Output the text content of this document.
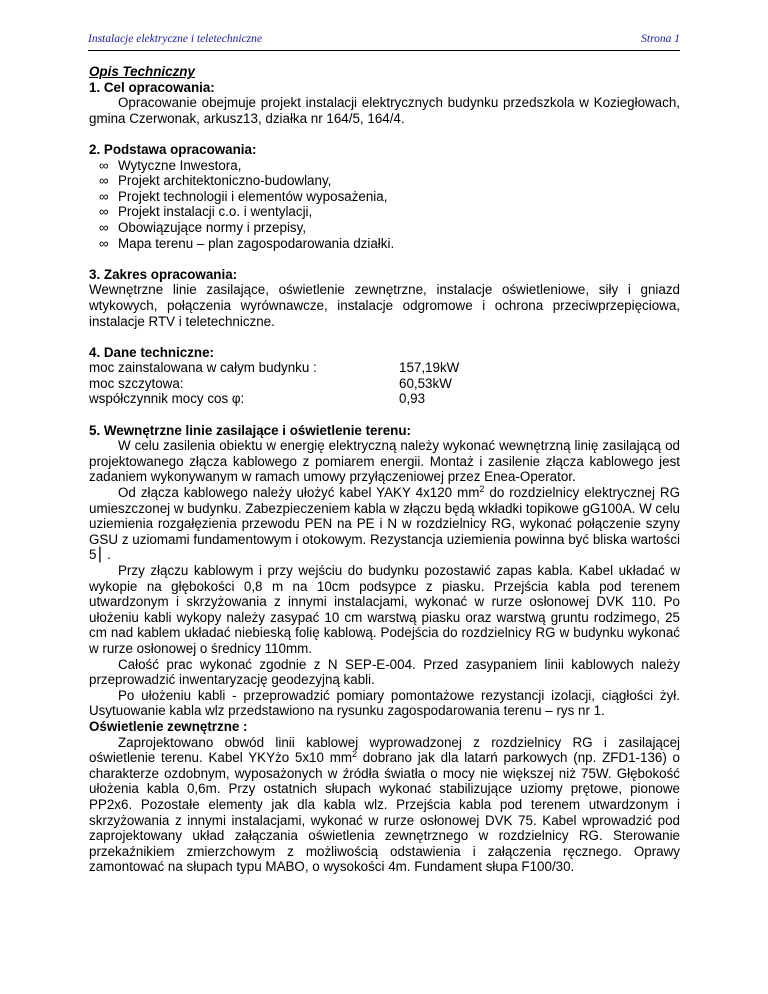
Instalacje elektryczne i teletechniczne	Strona 1

Opis Techniczny

1. Cel opracowania:

Opracowanie obejmuje projekt instalacji elektrycznych budynku przedszkola w Koziegłowach, gmina Czerwonak, arkusz13, działka nr 164/5, 164/4.

2. Podstawa opracowania:

∞ Wytyczne Inwestora,
∞ Projekt architektoniczno-budowlany,
∞ Projekt technologii i elementów wyposażenia,
∞ Projekt instalacji c.o. i wentylacji,
∞ Obowiązujące normy i przepisy,
∞ Mapa terenu – plan zagospodarowania działki.

3. Zakres opracowania:

Wewnętrzne linie zasilające, oświetlenie zewnętrzne, instalacje oświetleniowe, siły i gniazd wtykowych, połączenia wyrównawcze, instalacje odgromowe i ochrona przeciwprzepięciowa, instalacje RTV i teletechniczne.

4. Dane techniczne:

moc zainstalowana w całym budynku :	157,19kW
moc szczytowa:	60,53kW
współczynnik mocy cos φ:	0,93

5. Wewnętrzne linie zasilające i oświetlenie terenu:

W celu zasilenia obiektu w energię elektryczną należy wykonać wewnętrzną linię zasilającą od projektowanego złącza kablowego z pomiarem energii. Montaż i zasilenie złącza kablowego jest zadaniem wykonywanym w ramach umowy przyłączeniowej przez Enea-Operator.

Od złącza kablowego należy ułożyć kabel YAKY 4x120 $mm^2$ do rozdzielnicy elektrycznej RG umieszczonej w budynku. Zabezpieczeniem kabla w złączu będą wkładki topikowe gG100A. W celu uziemienia rozgałęzienia przewodu PEN na PE i N w rozdzielnicy RG, wykonać połączenie szyny GSU z uziomami fundamentowym i otokowym. Rezystancja uziemienia powinna być bliska wartości 5⎮ .

Przy złączu kablowym i przy wejściu do budynku pozostawić zapas kabla. Kabel układać w wykopie na głębokości 0,8 m na 10cm podsypce z piasku. Przejścia kabla pod terenem utwardzonym i skrzyżowania z innymi instalacjami, wykonać w rurze osłonowej DVK 110. Po ułożeniu kabli wykopy należy zasypać 10 cm warstwą piasku oraz warstwą gruntu rodzimego, 25 cm nad kablem układać niebieską folię kablową. Podejścia do rozdzielnicy RG w budynku wykonać w rurze osłonowej o średnicy 110mm.

Całość prac wykonać zgodnie z N SEP-E-004. Przed zasypaniem linii kablowych należy przeprowadzić inwentaryzację geodezyjną kabli.

Po ułożeniu kabli - przeprowadzić pomiary pomontażowe rezystancji izolacji, ciągłości żył. Usytuowanie kabla wlz przedstawiono na rysunku zagospodarowania terenu – rys nr 1.

Oświetlenie zewnętrzne :

Zaprojektowano obwód linii kablowej wyprowadzonej z rozdzielnicy RG i zasilającej oświetlenie terenu. Kabel YKYżo 5x10 $mm^2$ dobrano jak dla latarń parkowych (np. ZFD1-136) o charakterze ozdobnym, wyposażonych w źródła światła o mocy nie większej niż 75W. Głębokość ułożenia kabla 0,6m. Przy ostatnich słupach wykonać stabilizujące uziomy prętowe, pionowe PP2x6. Pozostałe elementy jak dla kabla wlz. Przejścia kabla pod terenem utwardzonym i skrzyżowania z innymi instalacjami, wykonać w rurze osłonowej DVK 75. Kabel wprowadzić pod zaprojektowany układ załączania oświetlenia zewnętrznego w rozdzielnicy RG. Sterowanie przekaźnikiem zmierzchowym z możliwością odstawienia i załączenia ręcznego. Oprawy zamontować na słupach typu MABO, o wysokości 4m. Fundament słupa F100/30.
